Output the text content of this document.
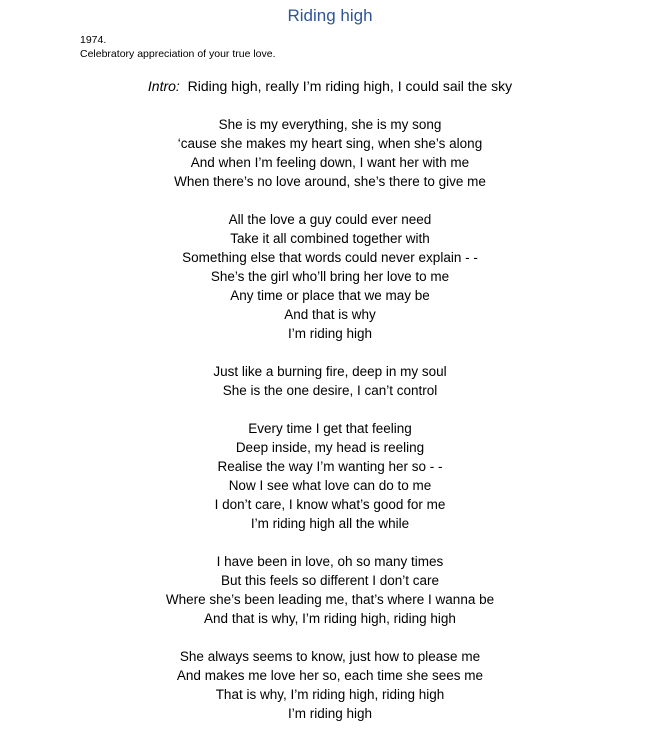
Riding high
1974.
Celebratory appreciation of your true love.
Intro: Riding high, really I’m riding high, I could sail the sky
She is my everything, she is my song
‘cause she makes my heart sing, when she’s along
And when I’m feeling down, I want her with me
When there’s no love around, she’s there to give me
All the love a guy could ever need
Take it all combined together with
Something else that words could never explain - -
She’s the girl who’ll bring her love to me
Any time or place that we may be
And that is why
I’m riding high
Just like a burning fire, deep in my soul
She is the one desire, I can’t control
Every time I get that feeling
Deep inside, my head is reeling
Realise the way I’m wanting her so - -
Now I see what love can do to me
I don’t care, I know what’s good for me
I’m riding high all the while
I have been in love, oh so many times
But this feels so different I don’t care
Where she’s been leading me, that’s where I wanna be
And that is why, I’m riding high, riding high
She always seems to know, just how to please me
And makes me love her so, each time she sees me
That is why, I’m riding high, riding high
I’m riding high
